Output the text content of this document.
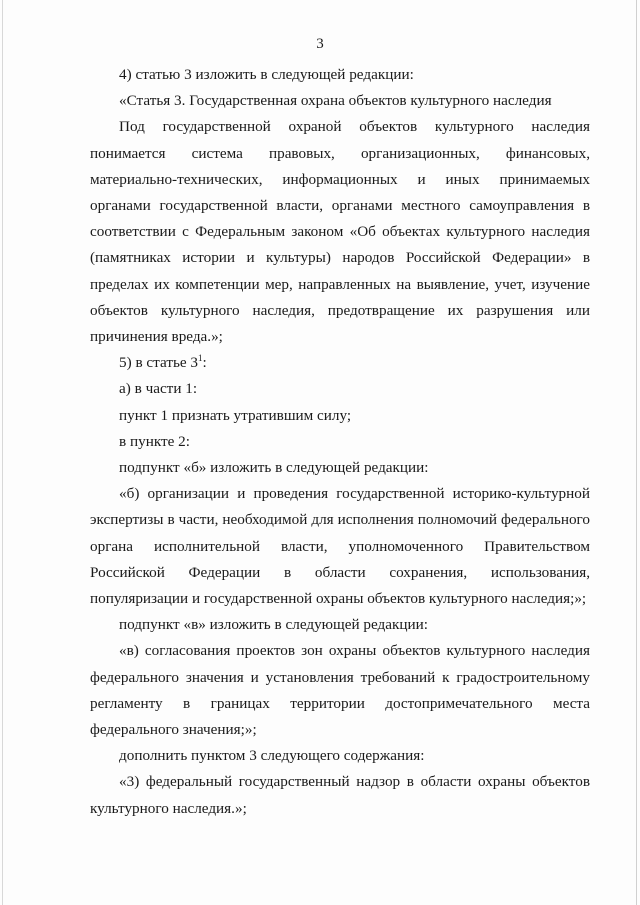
3

4) статью 3 изложить в следующей редакции:

«Статья 3. Государственная охрана объектов культурного наследия

Под государственной охраной объектов культурного наследия понимается система правовых, организационных, финансовых, материально-технических, информационных и иных принимаемых органами государственной власти, органами местного самоуправления в соответствии с Федеральным законом «Об объектах культурного наследия (памятниках истории и культуры) народов Российской Федерации» в пределах их компетенции мер, направленных на выявление, учет, изучение объектов культурного наследия, предотвращение их разрушения или причинения вреда.»;

5) в статье $3^1$:

а) в части 1:

пункт 1 признать утратившим силу;

в пункте 2:

подпункт «б» изложить в следующей редакции:

«б) организации и проведения государственной историко-культурной экспертизы в части, необходимой для исполнения полномочий федерального органа исполнительной власти, уполномоченного Правительством Российской Федерации в области сохранения, использования, популяризации и государственной охраны объектов культурного наследия;»;

подпункт «в» изложить в следующей редакции:

«в) согласования проектов зон охраны объектов культурного наследия федерального значения и установления требований к градостроительному регламенту в границах территории достопримечательного места федерального значения;»;

дополнить пунктом 3 следующего содержания:

«3) федеральный государственный надзор в области охраны объектов культурного наследия.»;
